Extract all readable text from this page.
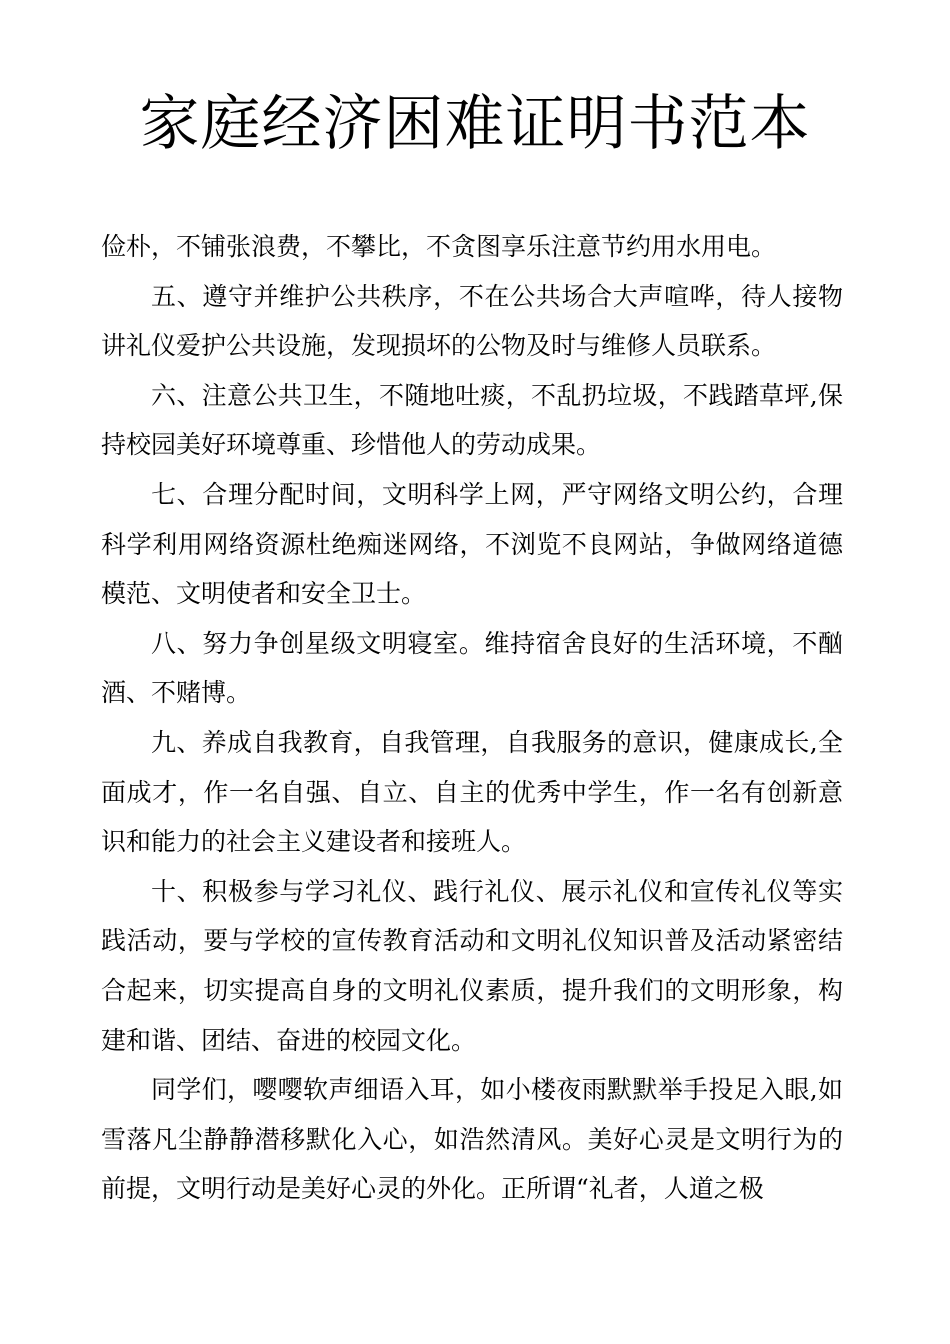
家庭经济困难证明书范本

俭朴，不铺张浪费，不攀比，不贪图享乐注意节约用水用电。

五、遵守并维护公共秩序，不在公共场合大声喧哗，待人接物讲礼仪爱护公共设施，发现损坏的公物及时与维修人员联系。

六、注意公共卫生，不随地吐痰，不乱扔垃圾，不践踏草坪,保持校园美好环境尊重、珍惜他人的劳动成果。

七、合理分配时间，文明科学上网，严守网络文明公约，合理科学利用网络资源杜绝痴迷网络，不浏览不良网站，争做网络道德模范、文明使者和安全卫士。

八、努力争创星级文明寝室。维持宿舍良好的生活环境，不酗酒、不赌博。

九、养成自我教育，自我管理，自我服务的意识，健康成长,全面成才，作一名自强、自立、自主的优秀中学生，作一名有创新意识和能力的社会主义建设者和接班人。

十、积极参与学习礼仪、践行礼仪、展示礼仪和宣传礼仪等实践活动，要与学校的宣传教育活动和文明礼仪知识普及活动紧密结合起来，切实提高自身的文明礼仪素质，提升我们的文明形象，构建和谐、团结、奋进的校园文化。

同学们，嘤嘤软声细语入耳，如小楼夜雨默默举手投足入眼,如雪落凡尘静静潜移默化入心，如浩然清风。美好心灵是文明行为的前提，文明行动是美好心灵的外化。正所谓“礼者，人道之极
